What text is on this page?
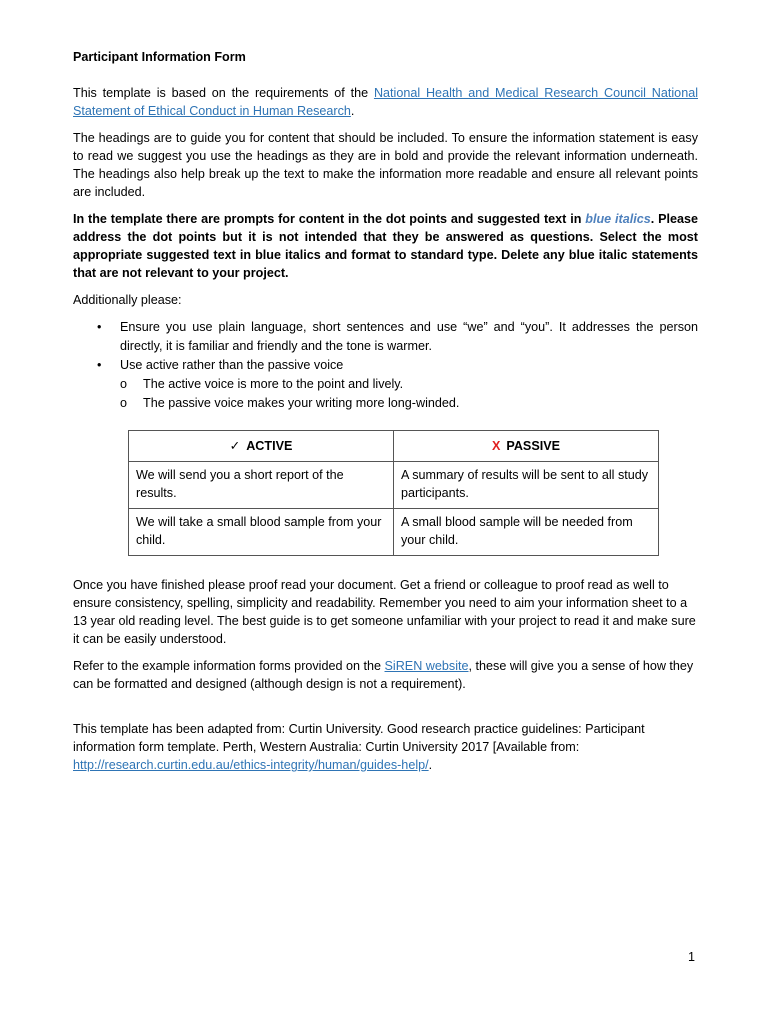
Participant Information Form

This template is based on the requirements of the National Health and Medical Research Council National Statement of Ethical Conduct in Human Research.

The headings are to guide you for content that should be included. To ensure the information statement is easy to read we suggest you use the headings as they are in bold and provide the relevant information underneath. The headings also help break up the text to make the information more readable and ensure all relevant points are included.

In the template there are prompts for content in the dot points and suggested text in blue italics. Please address the dot points but it is not intended that they be answered as questions. Select the most appropriate suggested text in blue italics and format to standard type. Delete any blue italic statements that are not relevant to your project.

Additionally please:

• Ensure you use plain language, short sentences and use “we” and “you”. It addresses the person directly, it is familiar and friendly and the tone is warmer.
• Use active rather than the passive voice
o The active voice is more to the point and lively.
o The passive voice makes your writing more long-winded.
✓ ACTIVE	X PASSIVE
We will send you a short report of the results.	A summary of results will be sent to all study participants.
We will take a small blood sample from your child.	A small blood sample will be needed from your child.

Once you have finished please proof read your document. Get a friend or colleague to proof read as well to ensure consistency, spelling, simplicity and readability. Remember you need to aim your information sheet to a 13 year old reading level. The best guide is to get someone unfamiliar with your project to read it and make sure it can be easily understood.

Refer to the example information forms provided on the SiREN website, these will give you a sense of how they can be formatted and designed (although design is not a requirement).

This template has been adapted from: Curtin University. Good research practice guidelines: Participant information form template. Perth, Western Australia: Curtin University 2017 [Available from: http://research.curtin.edu.au/ethics-integrity/human/guides-help/.

1
